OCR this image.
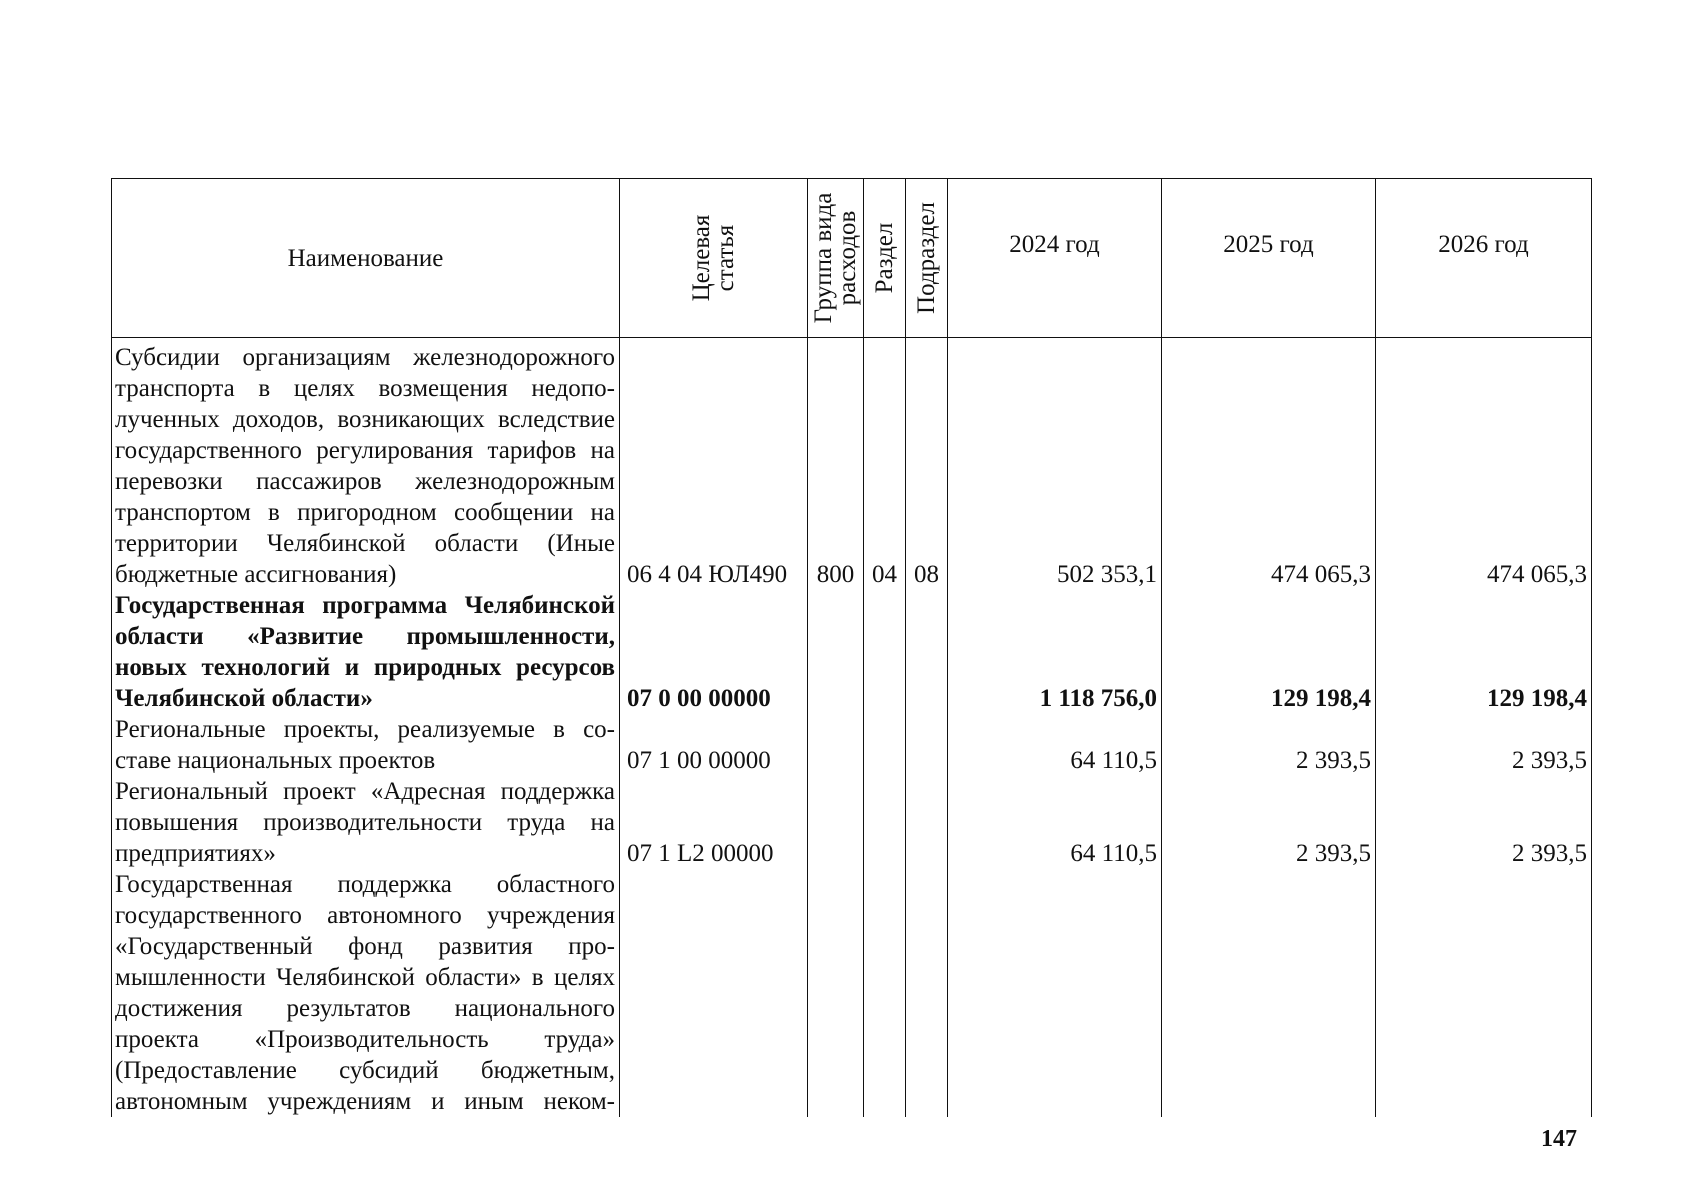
Наименование	Целевая статья	Группа вида расходов	Раздел	Подраздел	2024 год	2025 год	2026 год
Субсидии организациям железнодорожного транспорта в целях возмещения недополученных доходов, возникающих вследствие государственного регулирования тарифов на перевозки пассажиров железнодорожным транспортом в пригородном сообщении на территории Челябинской области (Иные бюджетные ассигнования)	06 4 04 ЮЛ490	800	04	08	502 353,1	474 065,3	474 065,3
Государственная программа Челябинской области «Развитие промышленности, новых технологий и природных ресурсов Челябинской области»	07 0 00 00000				1 118 756,0	129 198,4	129 198,4
Региональные проекты, реализуемые в составе национальных проектов	07 1 00 00000				64 110,5	2 393,5	2 393,5
Региональный проект «Адресная поддержка повышения производительности труда на предприятиях»	07 1 L2 00000				64 110,5	2 393,5	2 393,5
Государственная поддержка областного государственного автономного учреждения «Государственный фонд развития промышленности Челябинской области» в целях достижения результатов национального проекта «Производительность труда» (Предоставление субсидий бюджетным, автономным учреждениям и иным неком-							
147
